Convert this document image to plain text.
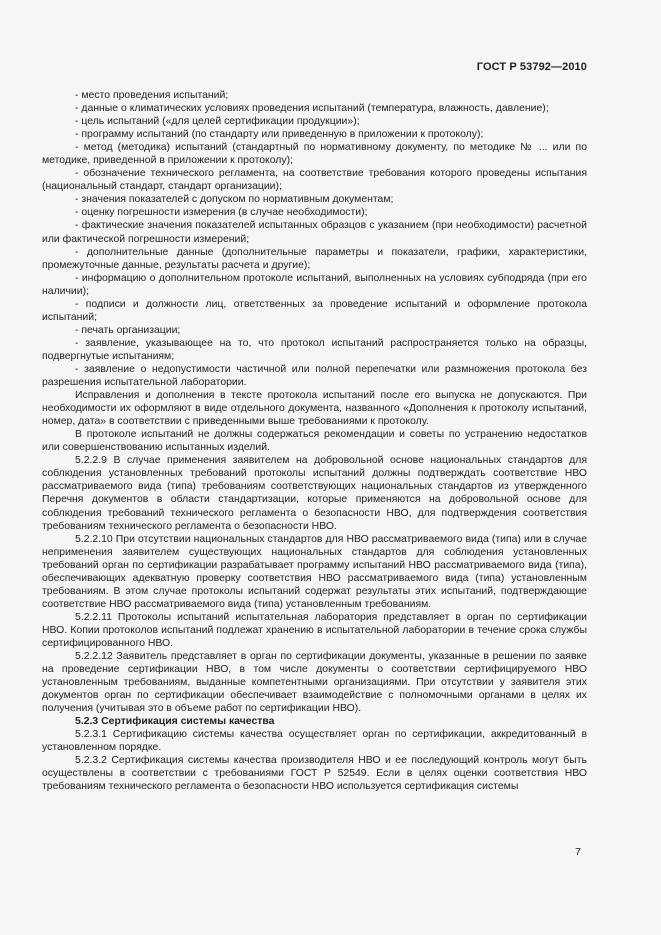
ГОСТ Р 53792—2010

- место проведения испытаний;

- данные о климатических условиях проведения испытаний (температура, влажность, давление);

- цель испытаний («для целей сертификации продукции»);

- программу испытаний (по стандарту или приведенную в приложении к протоколу);

- метод (методика) испытаний (стандартный по нормативному документу, по методике № ... или по методике, приведенной в приложении к протоколу);

- обозначение технического регламента, на соответствие требования которого проведены испытания (национальный стандарт, стандарт организации);

- значения показателей с допуском по нормативным документам;

- оценку погрешности измерения (в случае необходимости);

- фактические значения показателей испытанных образцов с указанием (при необходимости) расчетной или фактической погрешности измерений;

- дополнительные данные (дополнительные параметры и показатели, графики, характеристики, промежуточные данные, результаты расчета и другие);

- информацию о дополнительном протоколе испытаний, выполненных на условиях субподряда (при его наличии);

- подписи и должности лиц, ответственных за проведение испытаний и оформление протокола испытаний;

- печать организации;

- заявление, указывающее на то, что протокол испытаний распространяется только на образцы, подвергнутые испытаниям;

- заявление о недопустимости частичной или полной перепечатки или размножения протокола без разрешения испытательной лаборатории.

Исправления и дополнения в тексте протокола испытаний после его выпуска не допускаются. При необходимости их оформляют в виде отдельного документа, названного «Дополнения к протоколу испытаний, номер, дата» в соответствии с приведенными выше требованиями к протоколу.

В протоколе испытаний не должны содержаться рекомендации и советы по устранению недостатков или совершенствованию испытанных изделий.

5.2.2.9 В случае применения заявителем на добровольной основе национальных стандартов для соблюдения установленных требований протоколы испытаний должны подтверждать соответствие НВО рассматриваемого вида (типа) требованиям соответствующих национальных стандартов из утвержденного Перечня документов в области стандартизации, которые применяются на добровольной основе для соблюдения требований технического регламента о безопасности НВО, для подтверждения соответствия требованиям технического регламента о безопасности НВО.

5.2.2.10 При отсутствии национальных стандартов для НВО рассматриваемого вида (типа) или в случае неприменения заявителем существующих национальных стандартов для соблюдения установленных требований орган по сертификации разрабатывает программу испытаний НВО рассматриваемого вида (типа), обеспечивающих адекватную проверку соответствия НВО рассматриваемого вида (типа) установленным требованиям. В этом случае протоколы испытаний содержат результаты этих испытаний, подтверждающие соответствие НВО рассматриваемого вида (типа) установленным требованиям.

5.2.2.11 Протоколы испытаний испытательная лаборатория представляет в орган по сертификации НВО. Копии протоколов испытаний подлежат хранению в испытательной лаборатории в течение срока службы сертифицированного НВО.

5.2.2.12 Заявитель представляет в орган по сертификации документы, указанные в решении по заявке на проведение сертификации НВО, в том числе документы о соответствии сертифицируемого НВО установленным требованиям, выданные компетентными организациями. При отсутствии у заявителя этих документов орган по сертификации обеспечивает взаимодействие с полномочными органами в целях их получения (учитывая это в объеме работ по сертификации НВО).

5.2.3 Сертификация системы качества

5.2.3.1 Сертификацию системы качества осуществляет орган по сертификации, аккредитованный в установленном порядке.

5.2.3.2 Сертификация системы качества производителя НВО и ее последующий контроль могут быть осуществлены в соответствии с требованиями ГОСТ Р 52549. Если в целях оценки соответствия НВО требованиям технического регламента о безопасности НВО используется сертификация системы

7
